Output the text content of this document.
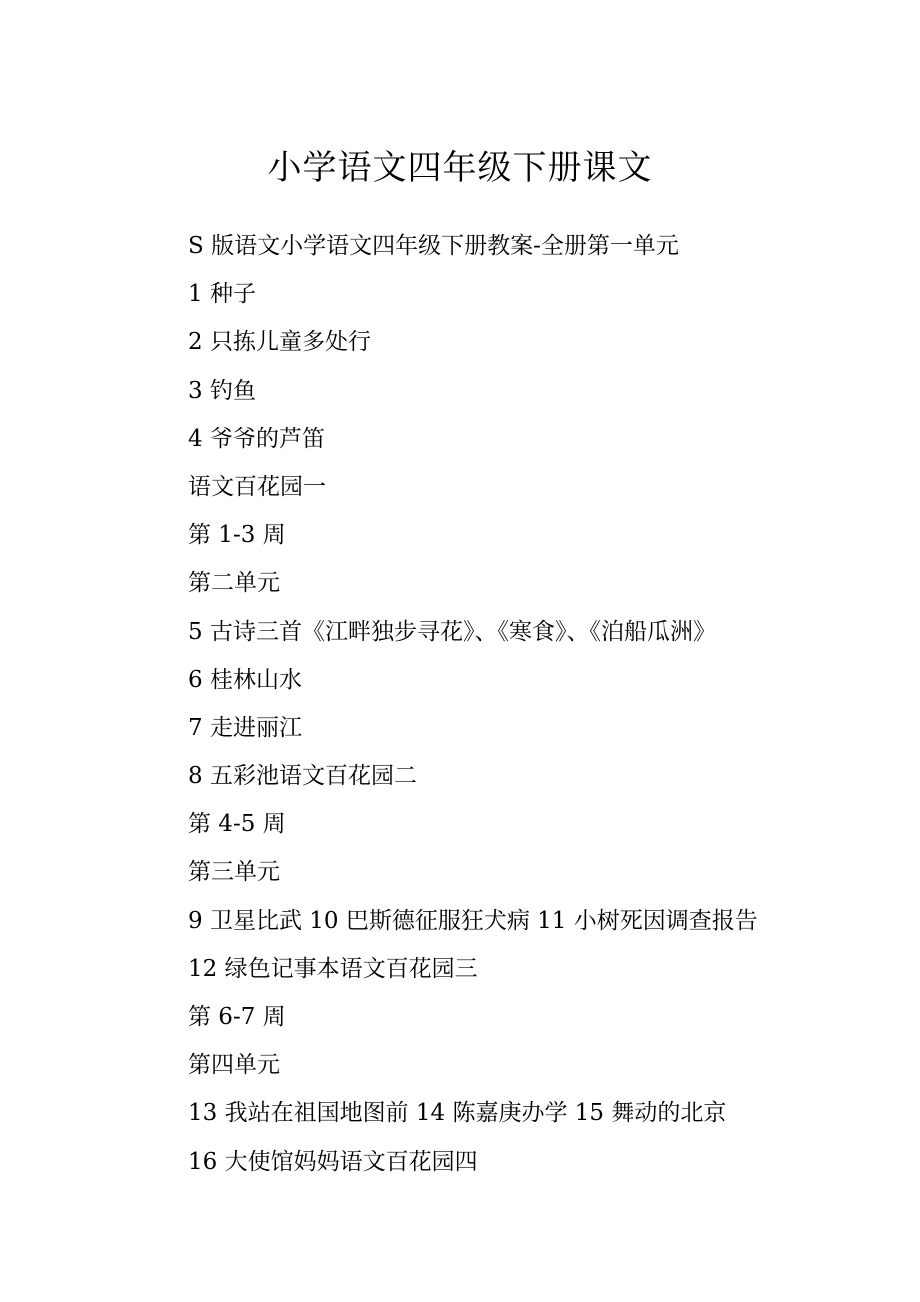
小学语文四年级下册课文
S 版语文小学语文四年级下册教案-全册第一单元
1 种子
2 只拣儿童多处行
3 钓鱼
4 爷爷的芦笛
语文百花园一
第 1-3 周
第二单元
5 古诗三首《江畔独步寻花》、《寒食》、《泊船瓜洲》
6 桂林山水
7 走进丽江
8 五彩池语文百花园二
第 4-5 周
第三单元
9 卫星比武 10 巴斯德征服狂犬病 11 小树死因调查报告
12 绿色记事本语文百花园三
第 6-7 周
第四单元
13 我站在祖国地图前 14 陈嘉庚办学 15 舞动的北京
16 大使馆妈妈语文百花园四
